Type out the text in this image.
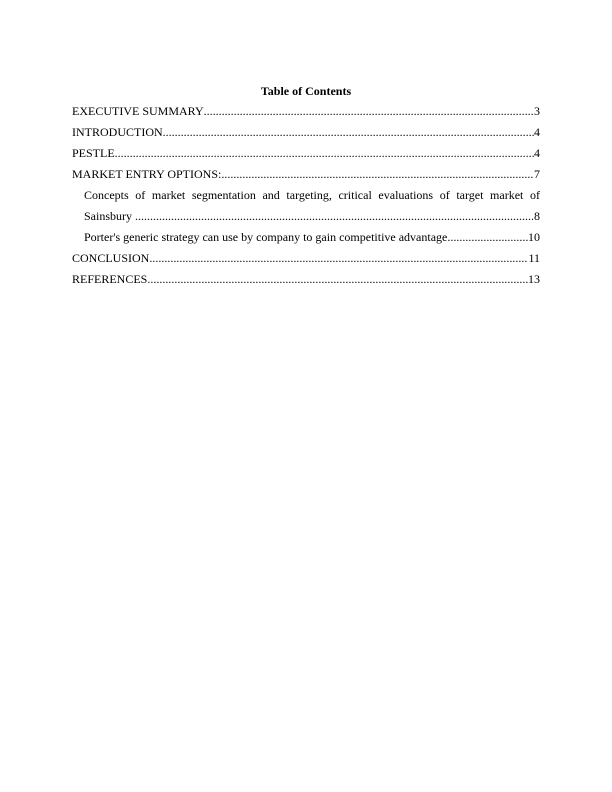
Table of Contents
EXECUTIVE SUMMARY .....	3
INTRODUCTION .....	4
PESTLE .....	4
MARKET ENTRY OPTIONS: .....	7
Concepts of market segmentation and targeting, critical evaluations of target market of
Sainsbury .....	8
Porter's generic strategy can use by company to gain competitive advantage .....	10
CONCLUSION .....	11
REFERENCES .....	13
